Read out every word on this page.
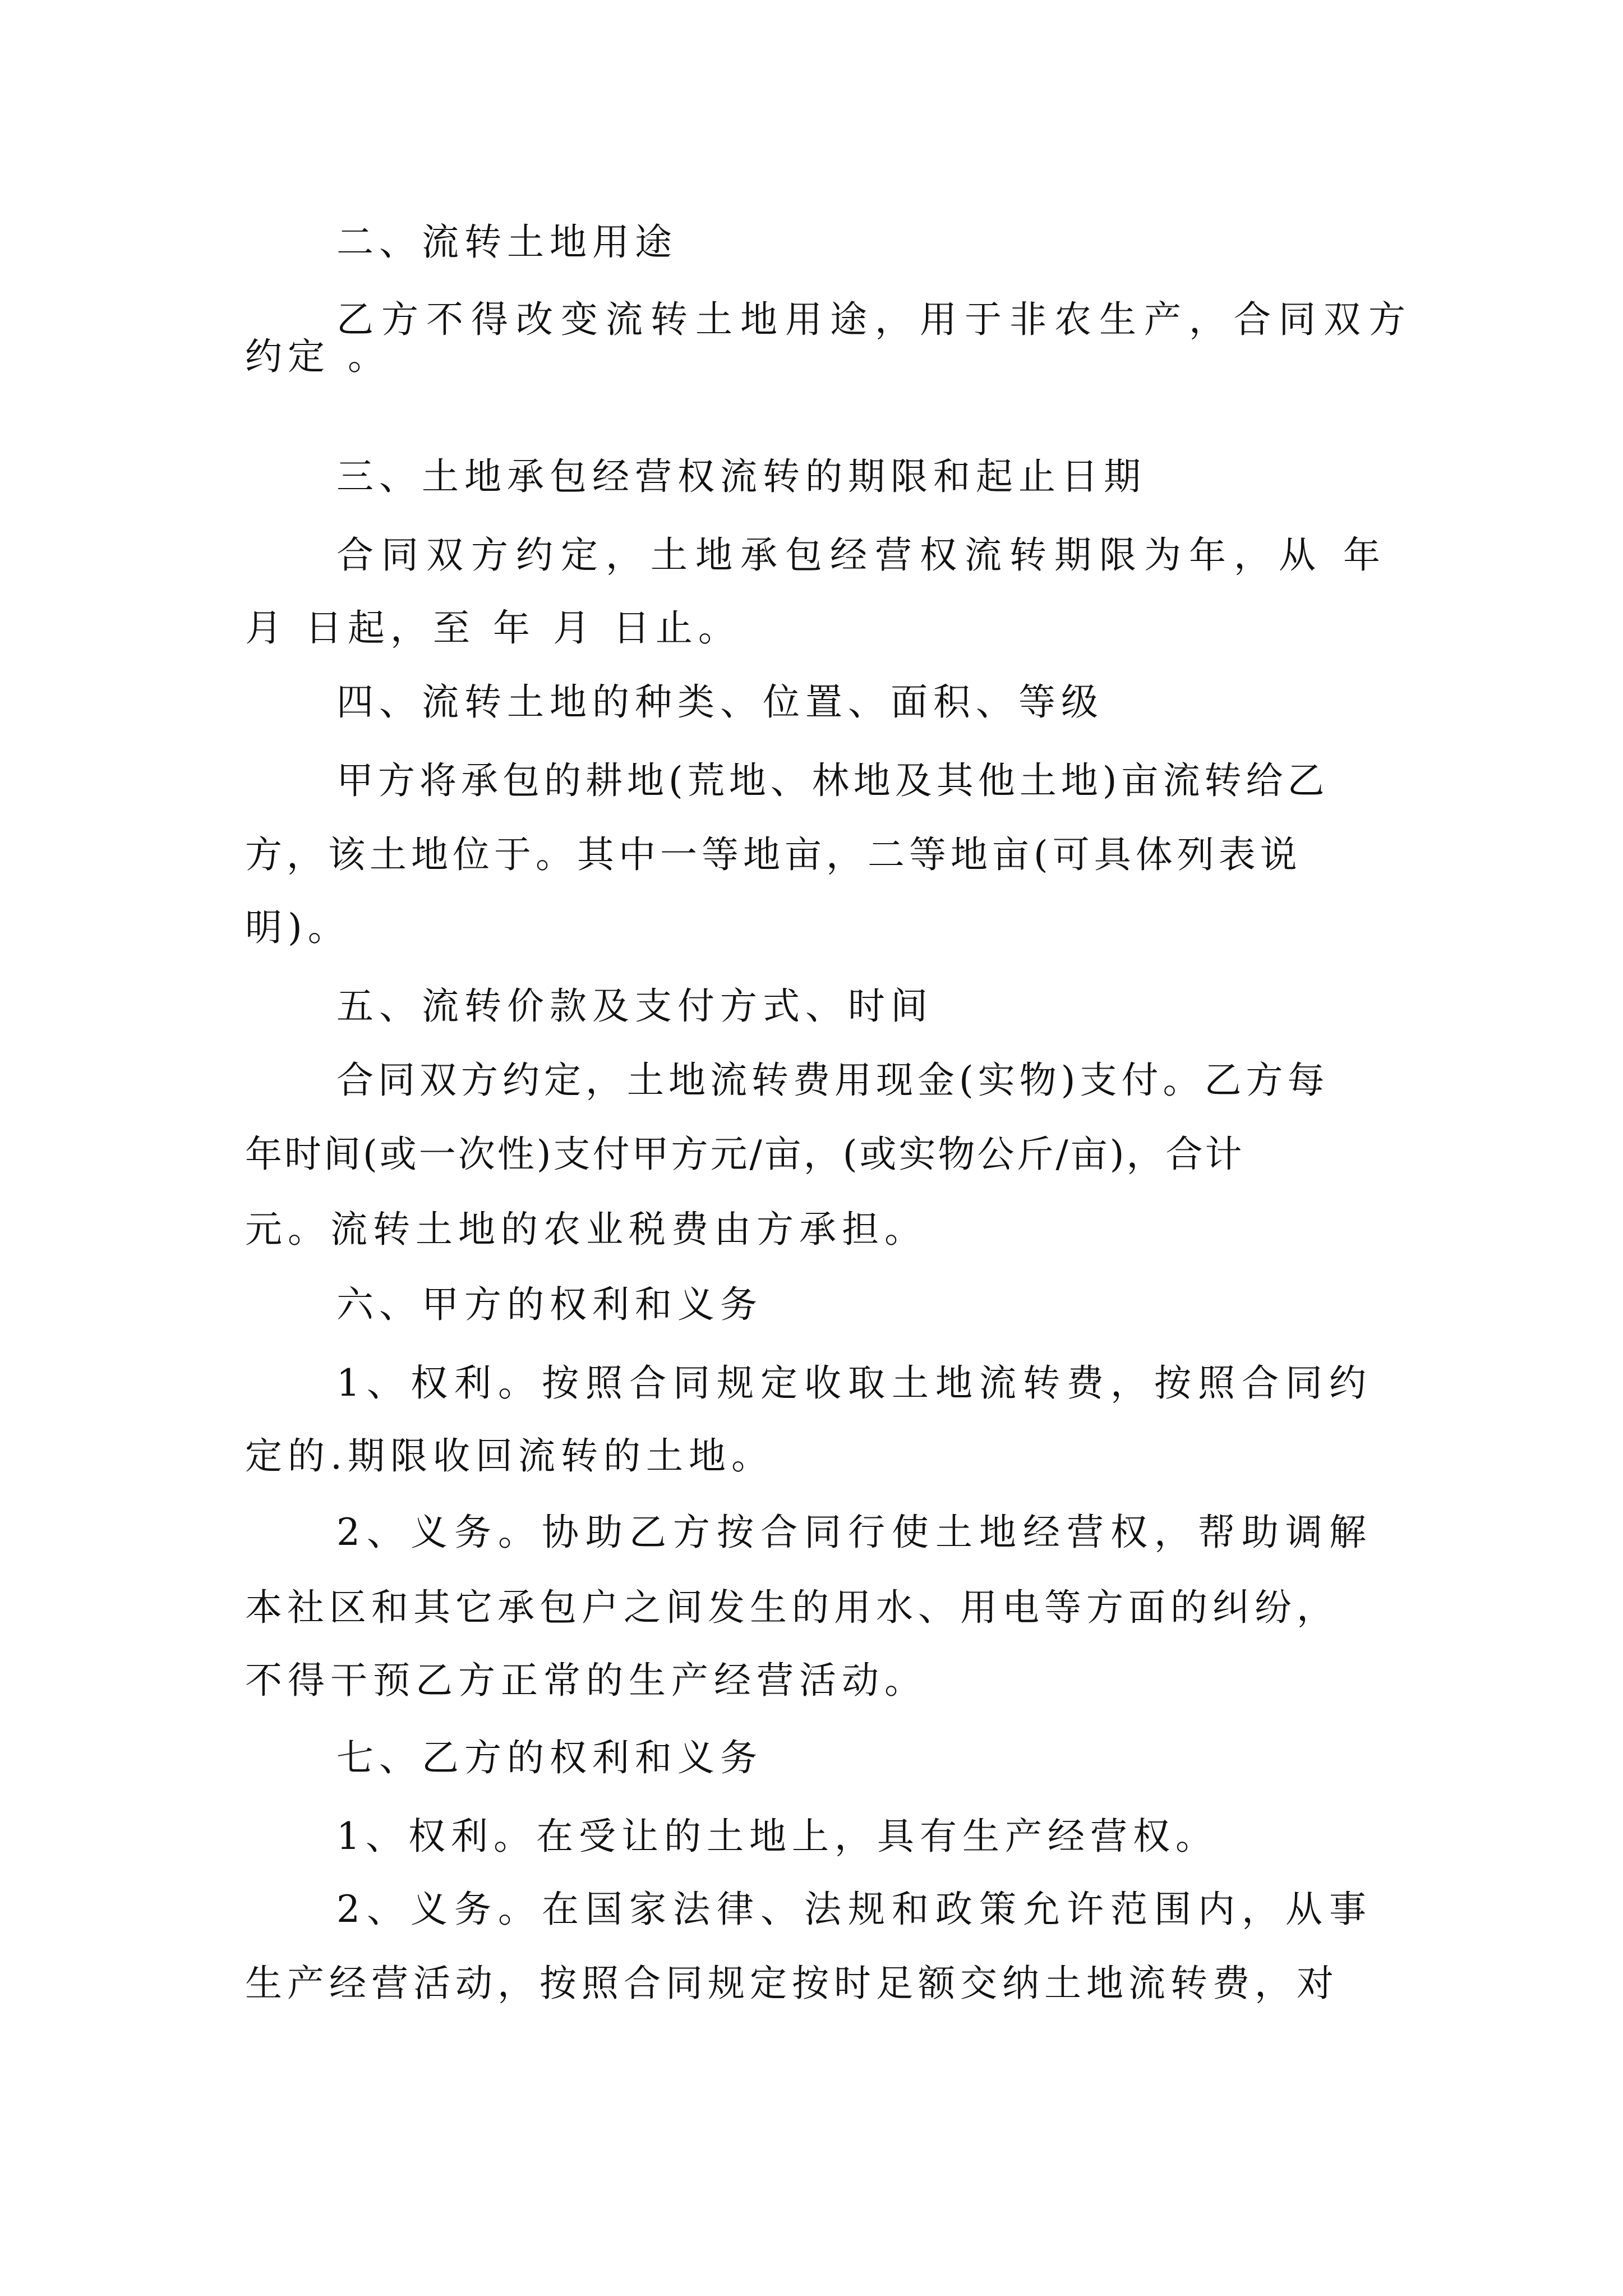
二、流转土地用途

乙方不得改变流转土地用途，用于非农生产，合同双方

约定 。

三、土地承包经营权流转的期限和起止日期

合同双方约定，土地承包经营权流转期限为年，从 年

月 日起，至 年 月 日止。

四、流转土地的种类、位置、面积、等级

甲方将承包的耕地(荒地、林地及其他土地)亩流转给乙

方，该土地位于。其中一等地亩，二等地亩(可具体列表说

明)。

五、流转价款及支付方式、时间

合同双方约定，土地流转费用现金(实物)支付。乙方每

年时间(或一次性)支付甲方元/亩，(或实物公斤/亩)，合计

元。流转土地的农业税费由方承担。

六、甲方的权利和义务

1、权利。按照合同规定收取土地流转费，按照合同约

定的.期限收回流转的土地。

2、义务。协助乙方按合同行使土地经营权，帮助调解

本社区和其它承包户之间发生的用水、用电等方面的纠纷，

不得干预乙方正常的生产经营活动。

七、乙方的权利和义务

1、权利。在受让的土地上，具有生产经营权。

2、义务。在国家法律、法规和政策允许范围内，从事

生产经营活动，按照合同规定按时足额交纳土地流转费，对
